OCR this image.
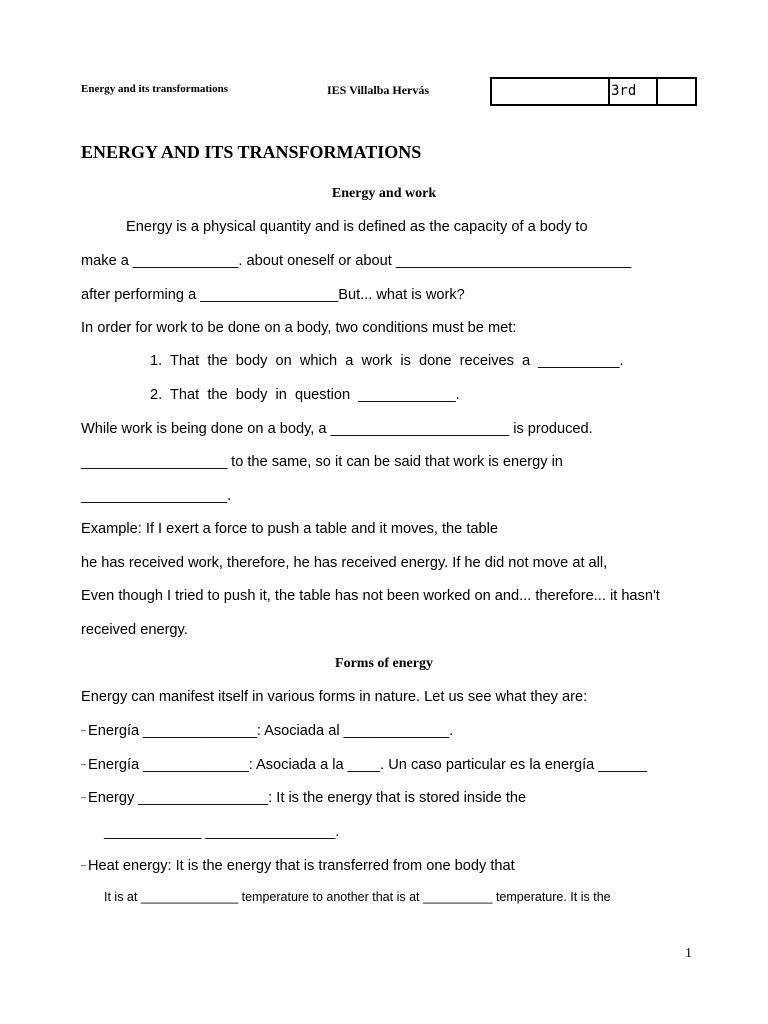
Energy and its transformations	IES Villalba Hervás	3rd
ENERGY AND ITS TRANSFORMATIONS
Energy and work
Energy is a physical quantity and is defined as the capacity of a body to
make a _____________. about oneself or about _____________________________
after performing a _________________But... what is work?
In order for work to be done on a body, two conditions must be met:
1.  That  the  body  on  which  a  work  is  done  receives  a  __________.
2.  That  the  body  in  question  ____________.
While work is being done on a body, a ______________________ is produced.
__________________ to the same, so it can be said that work is energy in
__________________.
Example: If I exert a force to push a table and it moves, the table
he has received work, therefore, he has received energy. If he did not move at all,
Even though I tried to push it, the table has not been worked on and... therefore... it hasn't
received energy.
Forms of energy
Energy can manifest itself in various forms in nature. Let us see what they are:
– Energía ______________: Asociada al _____________.
– Energía _____________: Asociada a la ____. Un caso particular es la energía ______
– Energy ________________: It is the energy that is stored inside the
____________ ________________.
– Heat energy: It is the energy that is transferred from one body that
It is at ______________ temperature to another that is at __________ temperature. It is the
1
